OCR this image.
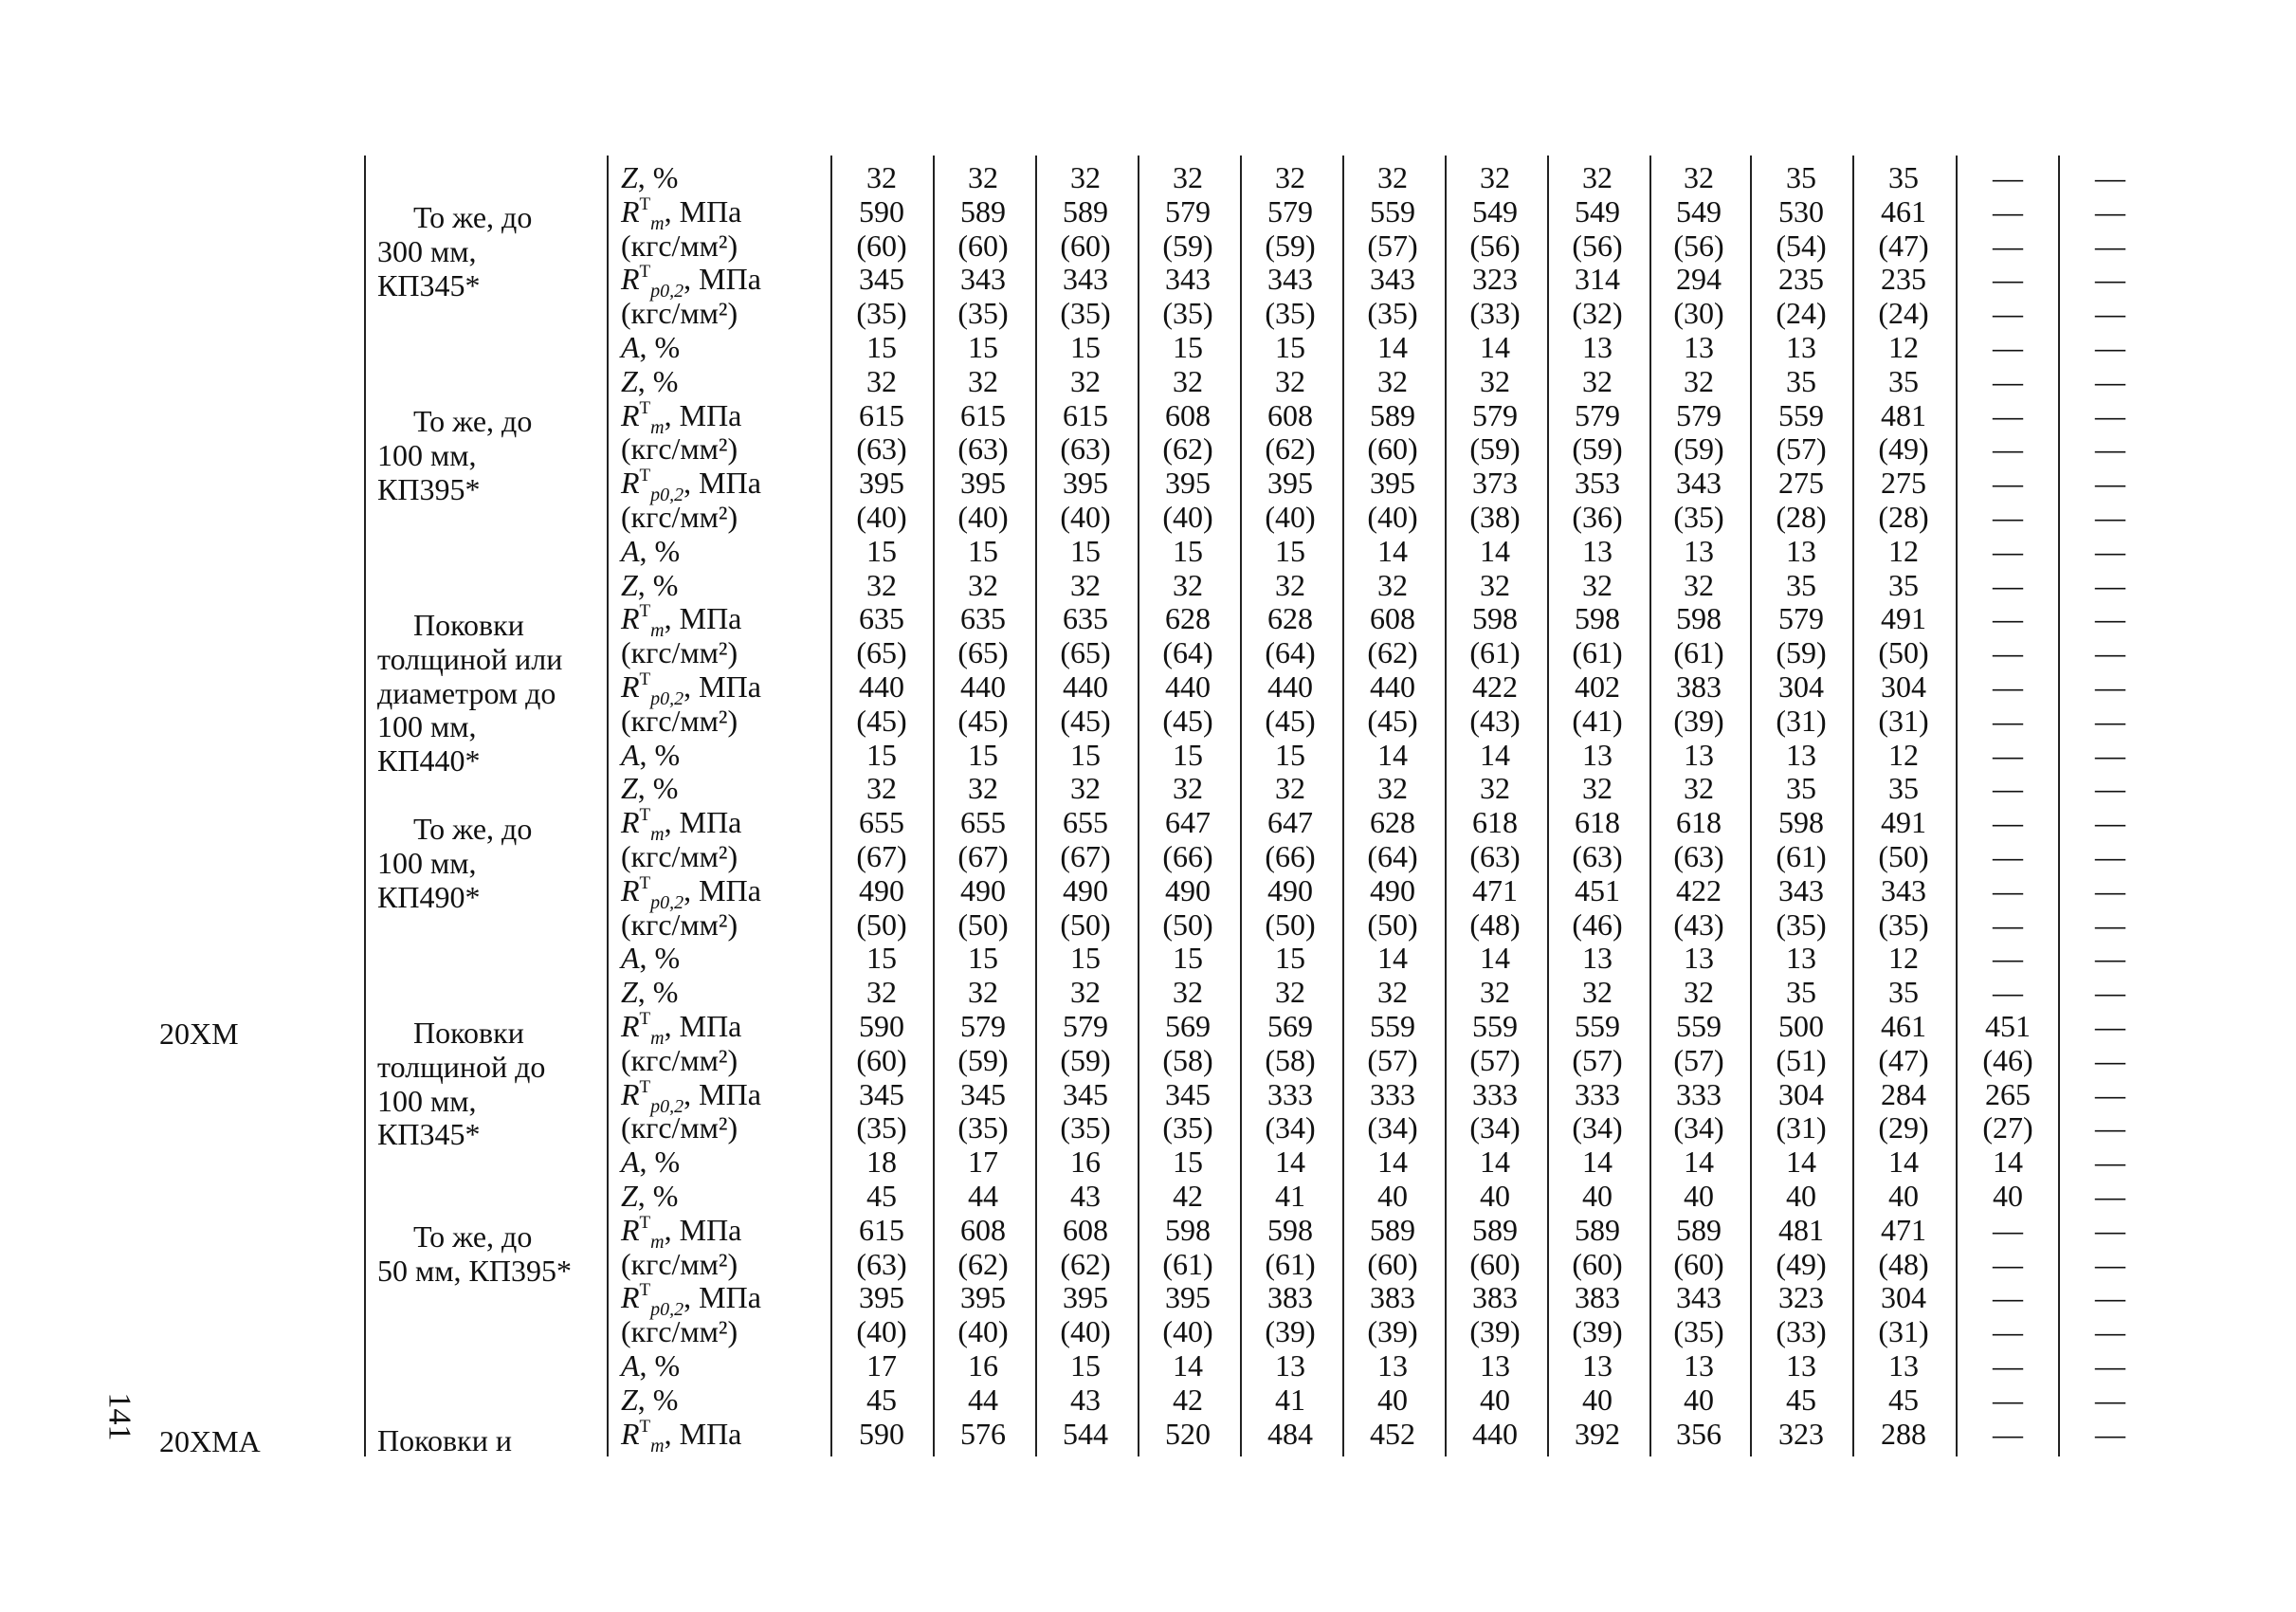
То же, до
300 мм,
КП345*
Z, %	32	32	32	32	32	32	32	32	32	35	35	—	—
$R^T_m$, МПа	590	589	589	579	579	559	549	549	549	530	461	—	—
(кгс/мм²)	(60)	(60)	(60)	(59)	(59)	(57)	(56)	(56)	(56)	(54)	(47)	—	—
$R^T_{p0,2}$, МПа	345	343	343	343	343	343	323	314	294	235	235	—	—
(кгс/мм²)	(35)	(35)	(35)	(35)	(35)	(35)	(33)	(32)	(30)	(24)	(24)	—	—
A, %	15	15	15	15	15	14	14	13	13	13	12	—	—
То же, до
100 мм,
КП395*
Z, %	32	32	32	32	32	32	32	32	32	35	35	—	—
$R^T_m$, МПа	615	615	615	608	608	589	579	579	579	559	481	—	—
(кгс/мм²)	(63)	(63)	(63)	(62)	(62)	(60)	(59)	(59)	(59)	(57)	(49)	—	—
$R^T_{p0,2}$, МПа	395	395	395	395	395	395	373	353	343	275	275	—	—
(кгс/мм²)	(40)	(40)	(40)	(40)	(40)	(40)	(38)	(36)	(35)	(28)	(28)	—	—
A, %	15	15	15	15	15	14	14	13	13	13	12	—	—
Поковки
толщиной или
диаметром до
100 мм,
КП440*
Z, %	32	32	32	32	32	32	32	32	32	35	35	—	—
$R^T_m$, МПа	635	635	635	628	628	608	598	598	598	579	491	—	—
(кгс/мм²)	(65)	(65)	(65)	(64)	(64)	(62)	(61)	(61)	(61)	(59)	(50)	—	—
$R^T_{p0,2}$, МПа	440	440	440	440	440	440	422	402	383	304	304	—	—
(кгс/мм²)	(45)	(45)	(45)	(45)	(45)	(45)	(43)	(41)	(39)	(31)	(31)	—	—
A, %	15	15	15	15	15	14	14	13	13	13	12	—	—
То же, до
100 мм,
КП490*
Z, %	32	32	32	32	32	32	32	32	32	35	35	—	—
$R^T_m$, МПа	655	655	655	647	647	628	618	618	618	598	491	—	—
(кгс/мм²)	(67)	(67)	(67)	(66)	(66)	(64)	(63)	(63)	(63)	(61)	(50)	—	—
$R^T_{p0,2}$, МПа	490	490	490	490	490	490	471	451	422	343	343	—	—
(кгс/мм²)	(50)	(50)	(50)	(50)	(50)	(50)	(48)	(46)	(43)	(35)	(35)	—	—
A, %	15	15	15	15	15	14	14	13	13	13	12	—	—
20ХМ	Поковки
толщиной до
100 мм,
КП345*
Z, %	32	32	32	32	32	32	32	32	32	35	35	—	—
$R^T_m$, МПа	590	579	579	569	569	559	559	559	559	500	461	451	—
(кгс/мм²)	(60)	(59)	(59)	(58)	(58)	(57)	(57)	(57)	(57)	(51)	(47)	(46)	—
$R^T_{p0,2}$, МПа	345	345	345	345	333	333	333	333	333	304	284	265	—
(кгс/мм²)	(35)	(35)	(35)	(35)	(34)	(34)	(34)	(34)	(34)	(31)	(29)	(27)	—
A, %	18	17	16	15	14	14	14	14	14	14	14	14	—
То же, до
50 мм, КП395*
Z, %	45	44	43	42	41	40	40	40	40	40	40	40	—
$R^T_m$, МПа	615	608	608	598	598	589	589	589	589	481	471	—	—
(кгс/мм²)	(63)	(62)	(62)	(61)	(61)	(60)	(60)	(60)	(60)	(49)	(48)	—	—
$R^T_{p0,2}$, МПа	395	395	395	395	383	383	383	383	343	323	304	—	—
(кгс/мм²)	(40)	(40)	(40)	(40)	(39)	(39)	(39)	(39)	(35)	(33)	(31)	—	—
A, %	17	16	15	14	13	13	13	13	13	13	13	—	—
20ХМА	Поковки и
Z, %	45	44	43	42	41	40	40	40	40	45	45	—	—
$R^T_m$, МПа	590	576	544	520	484	452	440	392	356	323	288	—	—
141
